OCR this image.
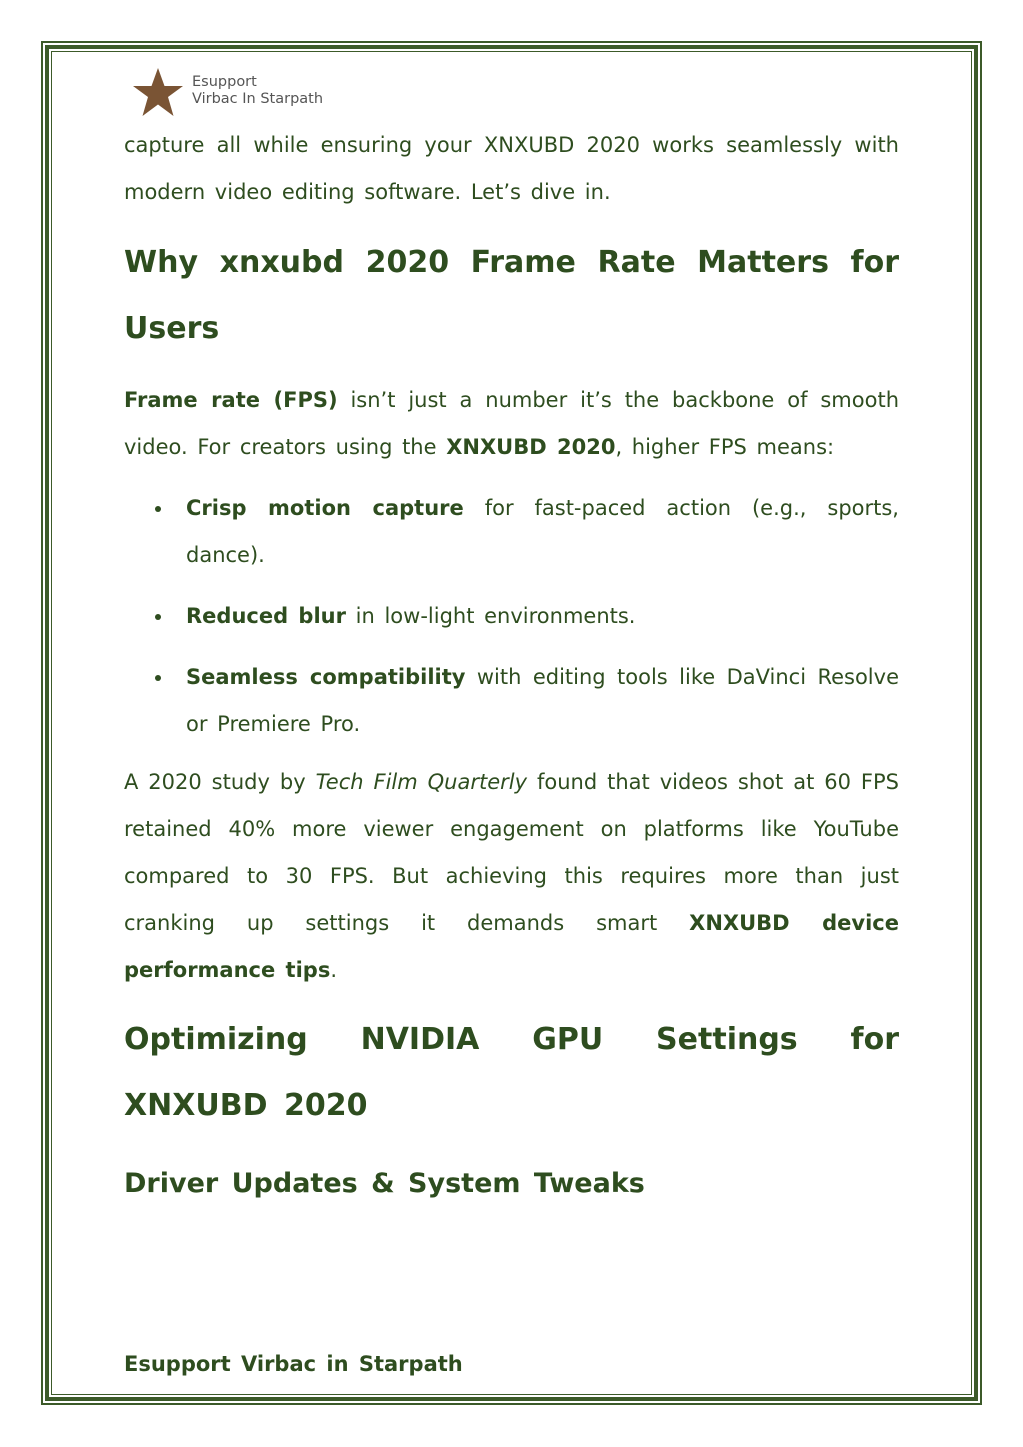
Esupport
Virbac In Starpath

capture all while ensuring your XNXUBD 2020 works seamlessly with modern video editing software. Let’s dive in.

Why xnxubd 2020 Frame Rate Matters for Users

Frame rate (FPS) isn’t just a number it’s the backbone of smooth video. For creators using the XNXUBD 2020, higher FPS means:

Crisp motion capture for fast-paced action (e.g., sports, dance).
Reduced blur in low-light environments.
Seamless compatibility with editing tools like DaVinci Resolve or Premiere Pro.

A 2020 study by Tech Film Quarterly found that videos shot at 60 FPS retained 40% more viewer engagement on platforms like YouTube compared to 30 FPS. But achieving this requires more than just cranking up settings it demands smart XNXUBD device performance tips.

Optimizing NVIDIA GPU Settings for XNXUBD 2020
Driver Updates & System Tweaks
Esupport Virbac in Starpath
